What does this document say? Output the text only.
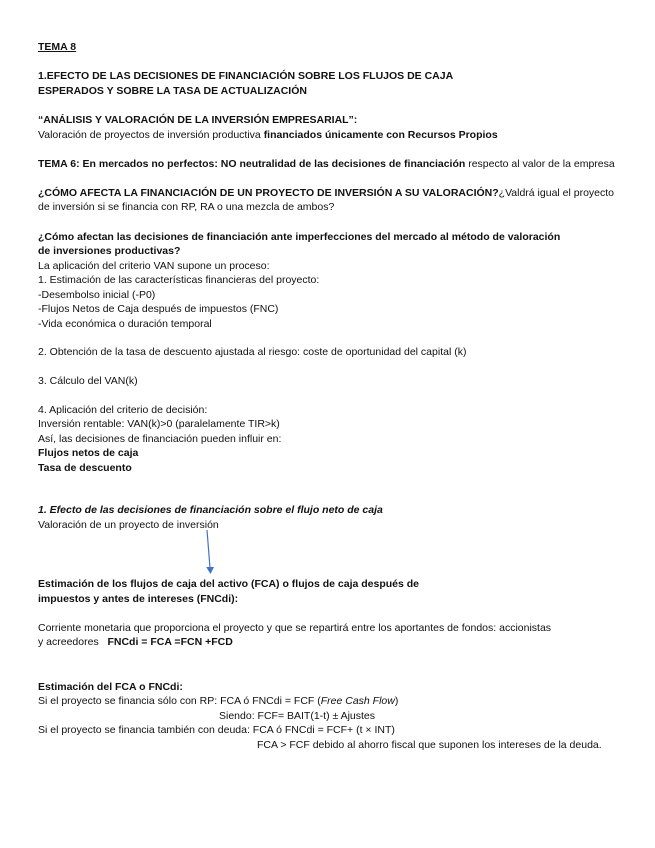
TEMA 8
1.EFECTO DE LAS DECISIONES DE FINANCIACIÓN SOBRE LOS FLUJOS DE CAJA
ESPERADOS Y SOBRE LA TASA DE ACTUALIZACIÓN
“ANÁLISIS Y VALORACIÓN DE LA INVERSIÓN EMPRESARIAL”:
Valoración de proyectos de inversión productiva financiados únicamente con Recursos Propios
TEMA 6: En mercados no perfectos: NO neutralidad de las decisiones de financiación respecto al valor de la empresa
¿CÓMO AFECTA LA FINANCIACIÓN DE UN PROYECTO DE INVERSIÓN A SU VALORACIÓN?¿Valdrá igual el proyecto
de inversión si se financia con RP, RA o una mezcla de ambos?
¿Cómo afectan las decisiones de financiación ante imperfecciones del mercado al método de valoración
de inversiones productivas?
La aplicación del criterio VAN supone un proceso:
1. Estimación de las características financieras del proyecto:
-Desembolso inicial (-P0)
-Flujos Netos de Caja después de impuestos (FNC)
-Vida económica o duración temporal
2. Obtención de la tasa de descuento ajustada al riesgo: coste de oportunidad del capital (k)
3. Cálculo del VAN(k)
4. Aplicación del criterio de decisión:
Inversión rentable: VAN(k)>0 (paralelamente TIR>k)
Así, las decisiones de financiación pueden influir en:
Flujos netos de caja
Tasa de descuento
1. Efecto de las decisiones de financiación sobre el flujo neto de caja
Valoración de un proyecto de inversión
Estimación de los flujos de caja del activo (FCA) o flujos de caja después de
impuestos y antes de intereses (FNCdi):
Corriente monetaria que proporciona el proyecto y que se repartirá entre los aportantes de fondos: accionistas
y acreedores   FNCdi = FCA =FCN +FCD
Estimación del FCA o FNCdi:
Si el proyecto se financia sólo con RP: FCA ó FNCdi = FCF (Free Cash Flow)
Siendo: FCF= BAIT(1-t) ± Ajustes
Si el proyecto se financia también con deuda: FCA ó FNCdi = FCF+ (t × INT)
FCA > FCF debido al ahorro fiscal que suponen los intereses de la deuda.
